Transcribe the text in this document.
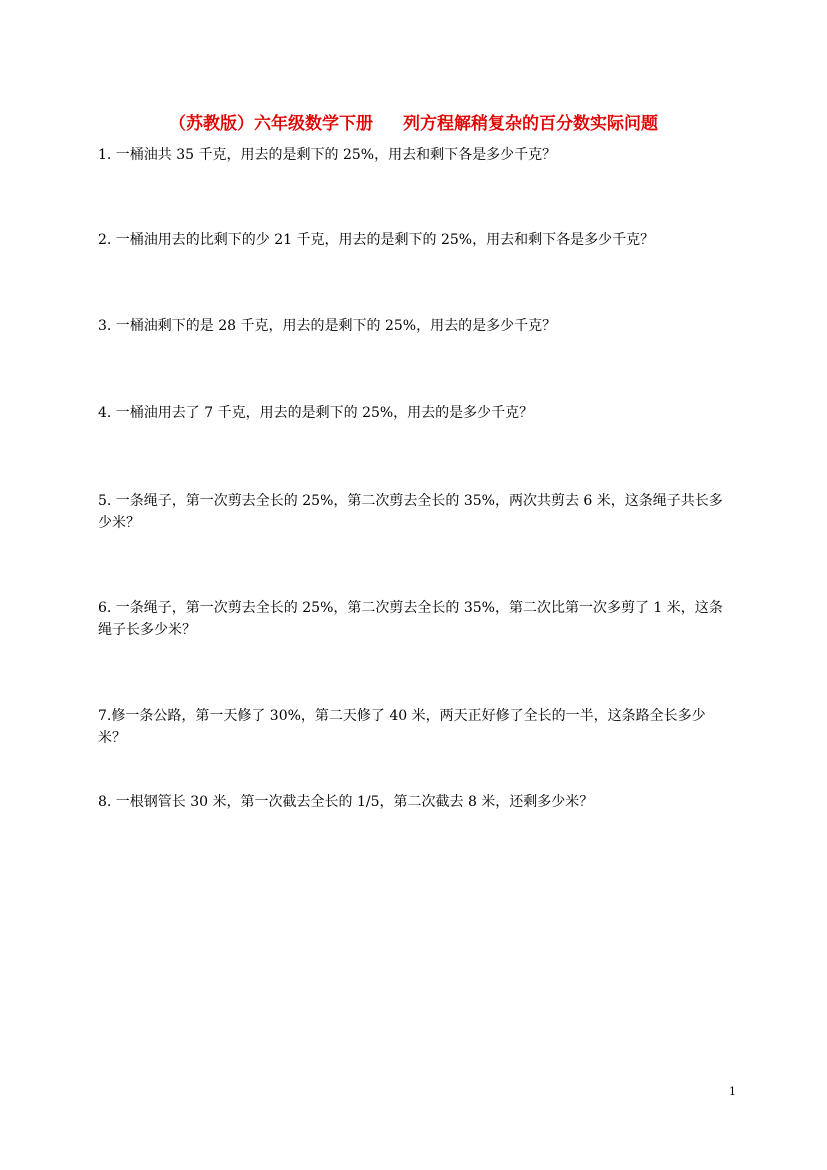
（苏教版）六年级数学下册 列方程解稍复杂的百分数实际问题
1. 一桶油共 35 千克，用去的是剩下的 25%，用去和剩下各是多少千克？
2. 一桶油用去的比剩下的少 21 千克，用去的是剩下的 25%，用去和剩下各是多少千克？
3. 一桶油剩下的是 28 千克，用去的是剩下的 25%，用去的是多少千克？
4. 一桶油用去了 7 千克，用去的是剩下的 25%，用去的是多少千克？
5. 一条绳子，第一次剪去全长的 25%，第二次剪去全长的 35%，两次共剪去 6 米，这条绳子共长多少米？
6. 一条绳子，第一次剪去全长的 25%，第二次剪去全长的 35%，第二次比第一次多剪了 1 米，这条绳子长多少米？
7.修一条公路，第一天修了 30%，第二天修了 40 米，两天正好修了全长的一半，这条路全长多少米？
8. 一根钢管长 30 米，第一次截去全长的 1/5，第二次截去 8 米，还剩多少米？
1
